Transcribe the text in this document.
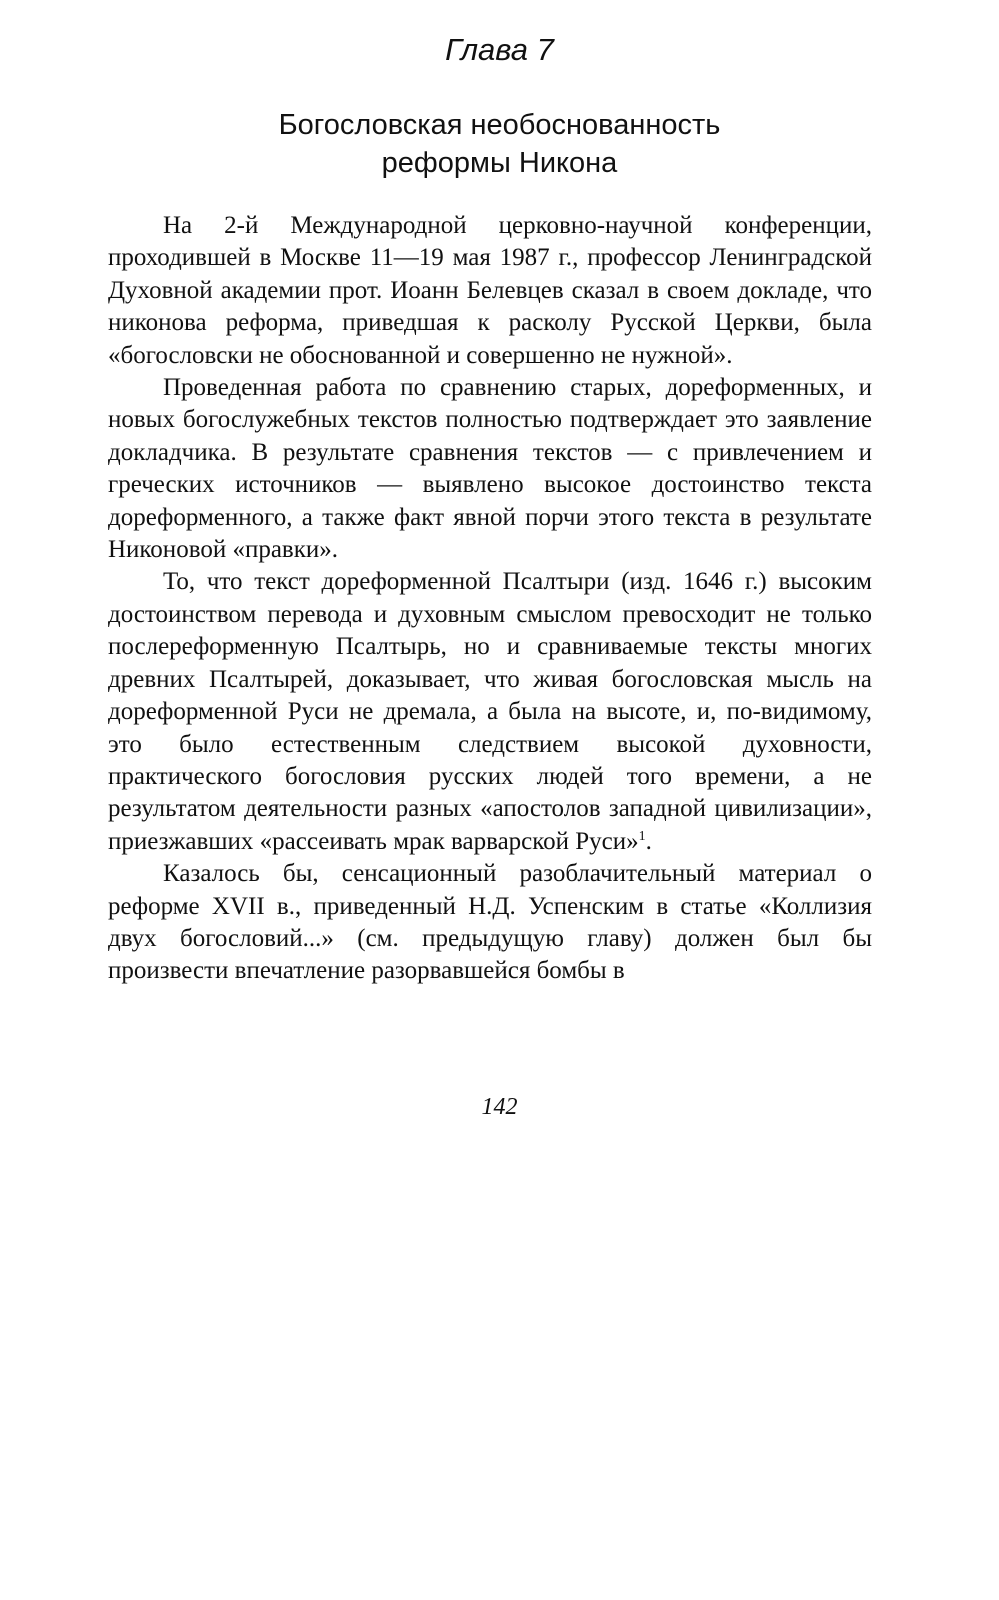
Глава 7
Богословская необоснованность
реформы Никона

На 2-й Международной церковно-научной конференции, проходившей в Москве 11—19 мая 1987 г., профессор Ленинградской Духовной академии прот. Иоанн Белевцев сказал в своем докладе, что никонова реформа, приведшая к расколу Русской Церкви, была «богословски не обоснованной и совершенно не нужной».

Проведенная работа по сравнению старых, дореформенных, и новых богослужебных текстов полностью подтверждает это заявление докладчика. В результате сравнения текстов — с привлечением и греческих источников — выявлено высокое достоинство текста дореформенного, а также факт явной порчи этого текста в результате Никоновой «правки».

То, что текст дореформенной Псалтыри (изд. 1646 г.) высоким достоинством перевода и духовным смыслом превосходит не только послереформенную Псалтырь, но и сравниваемые тексты многих древних Псалтырей, доказывает, что живая богословская мысль на дореформенной Руси не дремала, а была на высоте, и, по-видимому, это было естественным следствием высокой духовности, практического богословия русских людей того времени, а не результатом деятельности разных «апостолов западной цивилизации», приезжавших «рассеивать мрак варварской Руси»$^1$.

Казалось бы, сенсационный разоблачительный материал о реформе XVII в., приведенный Н.Д. Успенским в статье «Коллизия двух богословий...» (см. предыдущую главу) должен был бы произвести впечатление разорвавшейся бомбы в

142
